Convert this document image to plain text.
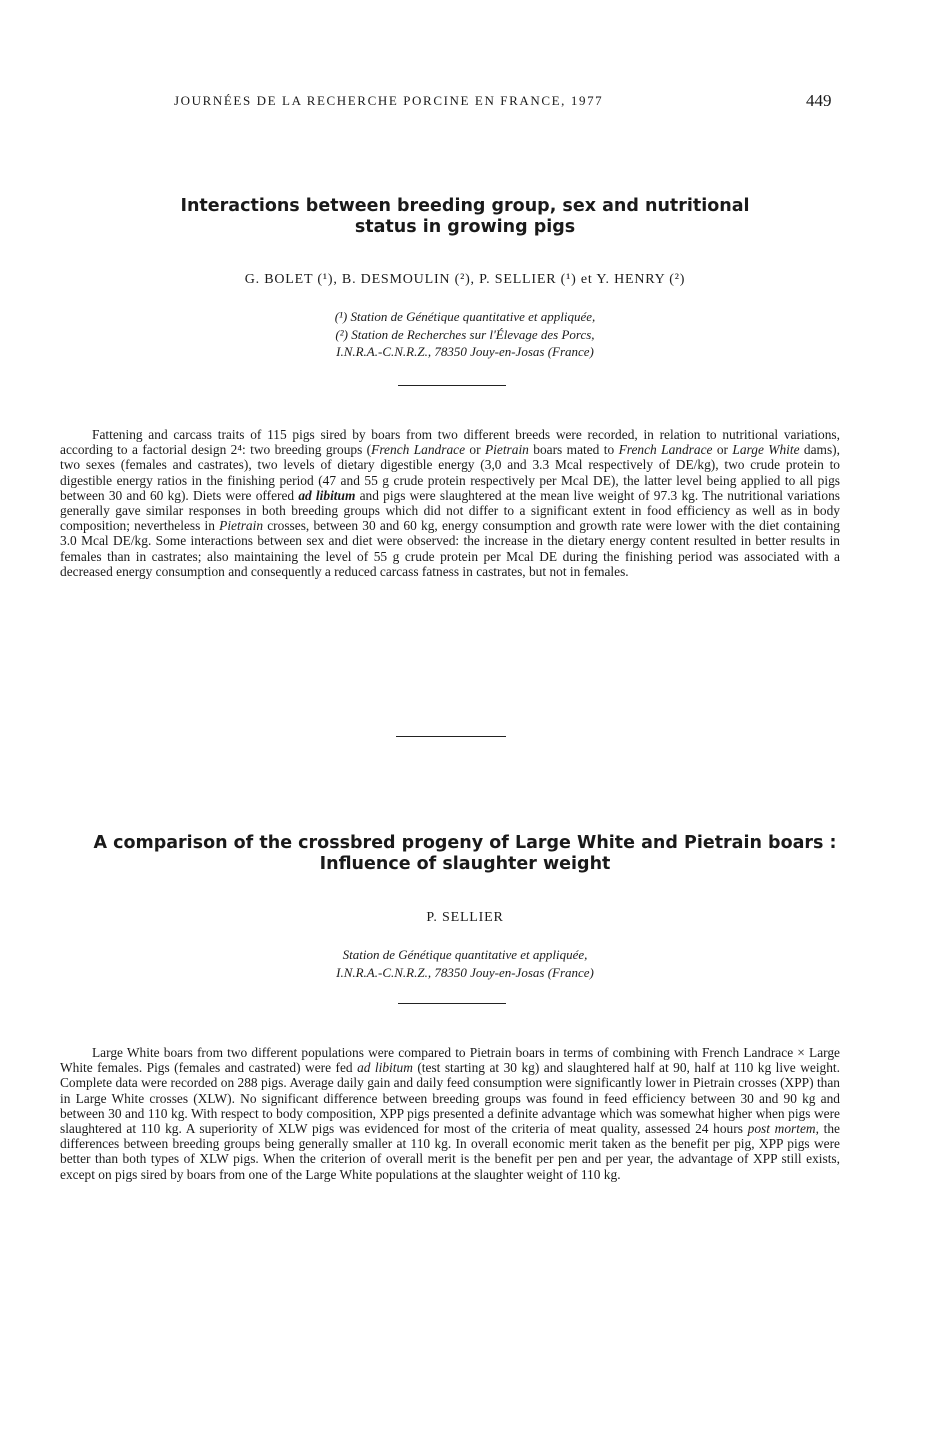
JOURNÉES DE LA RECHERCHE PORCINE EN FRANCE, 1977	449
Interactions between breeding group, sex and nutritional
status in growing pigs
G. BOLET (¹), B. DESMOULIN (²), P. SELLIER (¹) et Y. HENRY (²)
(¹) Station de Génétique quantitative et appliquée,
(²) Station de Recherches sur l'Élevage des Porcs,
I.N.R.A.-C.N.R.Z., 78350 Jouy-en-Josas (France)

Fattening and carcass traits of 115 pigs sired by boars from two different breeds were recorded, in relation to nutritional variations, according to a factorial design 2⁴: two breeding groups (French Landrace or Pietrain boars mated to French Landrace or Large White dams), two sexes (females and castrates), two levels of dietary digestible energy (3,0 and 3.3 Mcal respectively of DE/kg), two crude protein to digestible energy ratios in the finishing period (47 and 55 g crude protein respectively per Mcal DE), the latter level being applied to all pigs between 30 and 60 kg). Diets were offered ad libitum and pigs were slaughtered at the mean live weight of 97.3 kg. The nutritional variations generally gave similar responses in both breeding groups which did not differ to a significant extent in food efficiency as well as in body composition; nevertheless in Pietrain crosses, between 30 and 60 kg, energy consumption and growth rate were lower with the diet containing 3.0 Mcal DE/kg. Some interactions between sex and diet were observed: the increase in the dietary energy content resulted in better results in females than in castrates; also maintaining the level of 55 g crude protein per Mcal DE during the finishing period was associated with a decreased energy consumption and consequently a reduced carcass fatness in castrates, but not in females.

A comparison of the crossbred progeny of Large White and Pietrain boars :
Influence of slaughter weight
P. SELLIER
Station de Génétique quantitative et appliquée,
I.N.R.A.-C.N.R.Z., 78350 Jouy-en-Josas (France)

Large White boars from two different populations were compared to Pietrain boars in terms of combining with French Landrace × Large White females. Pigs (females and castrated) were fed ad libitum (test starting at 30 kg) and slaughtered half at 90, half at 110 kg live weight. Complete data were recorded on 288 pigs. Average daily gain and daily feed consumption were significantly lower in Pietrain crosses (XPP) than in Large White crosses (XLW). No significant difference between breeding groups was found in feed efficiency between 30 and 90 kg and between 30 and 110 kg. With respect to body composition, XPP pigs presented a definite advantage which was somewhat higher when pigs were slaughtered at 110 kg. A superiority of XLW pigs was evidenced for most of the criteria of meat quality, assessed 24 hours post mortem, the differences between breeding groups being generally smaller at 110 kg. In overall economic merit taken as the benefit per pig, XPP pigs were better than both types of XLW pigs. When the criterion of overall merit is the benefit per pen and per year, the advantage of XPP still exists, except on pigs sired by boars from one of the Large White populations at the slaughter weight of 110 kg.
